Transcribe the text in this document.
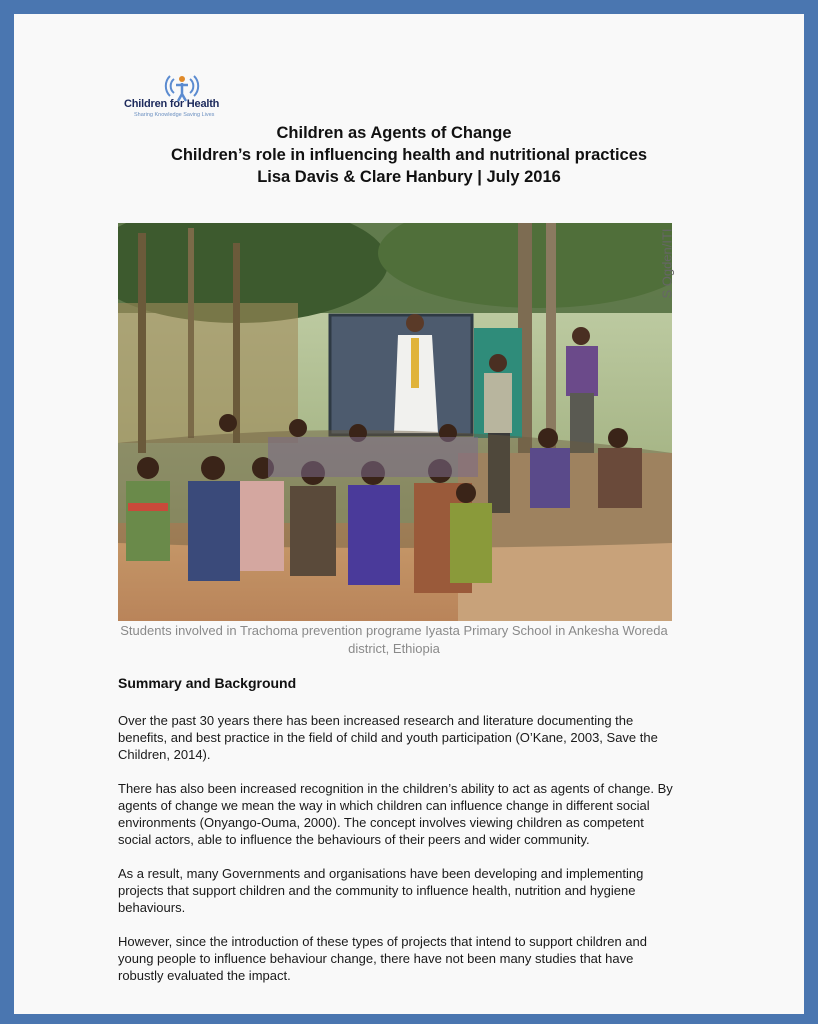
Children for Health
Sharing Knowledge Saving Lives
Children as Agents of Change
Children’s role in influencing health and nutritional practices
Lisa Davis & Clare Hanbury | July 2016
S Ogden/ITI
Students involved in Trachoma prevention programe Iyasta Primary School in Ankesha Woreda district, Ethiopia
Summary and Background

Over the past 30 years there has been increased research and literature documenting the benefits, and best practice in the field of child and youth participation (O’Kane, 2003, Save the Children, 2014).

There has also been increased recognition in the children’s ability to act as agents of change. By agents of change we mean the way in which children can influence change in different social environments (Onyango-Ouma, 2000). The concept involves viewing children as competent social actors, able to influence the behaviours of their peers and wider community.

As a result, many Governments and organisations have been developing and implementing projects that support children and the community to influence health, nutrition and hygiene behaviours.

However, since the introduction of these types of projects that intend to support children and young people to influence behaviour change, there have not been many studies that have robustly evaluated the impact.
